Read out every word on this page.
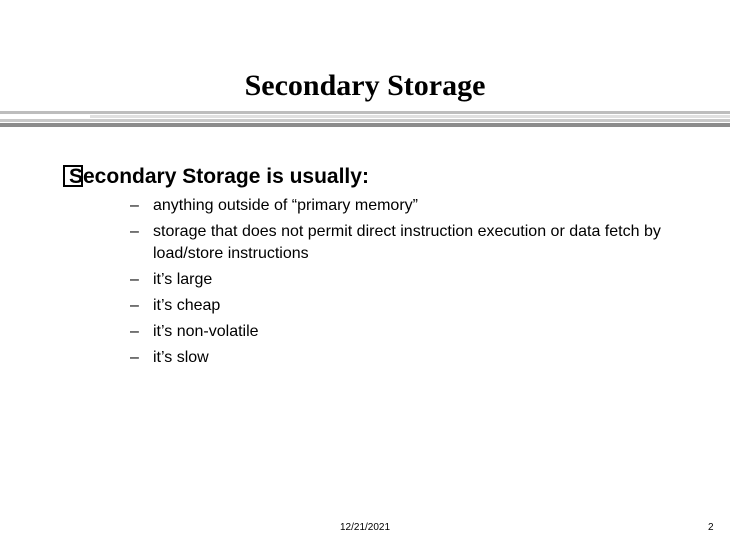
Secondary Storage
Secondary Storage is usually:
– anything outside of “primary memory”
– storage that does not permit direct instruction execution or data fetch by load/store instructions
– it’s large
– it’s cheap
– it’s non-volatile
– it’s slow
12/21/2021	2
